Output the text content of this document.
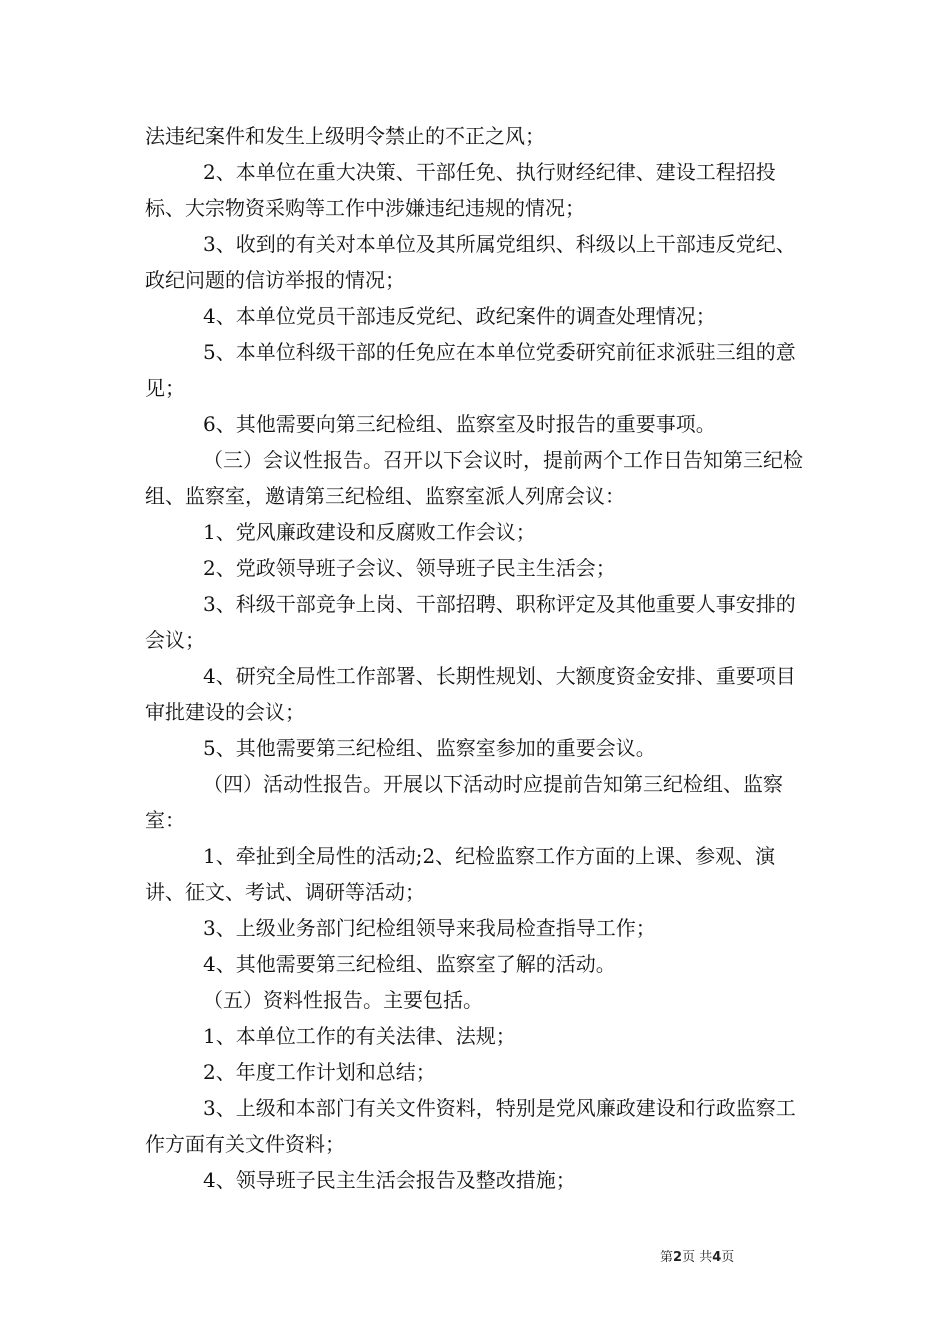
法违纪案件和发生上级明令禁止的不正之风；

2、本单位在重大决策、干部任免、执行财经纪律、建设工程招投标、大宗物资采购等工作中涉嫌违纪违规的情况；

3、收到的有关对本单位及其所属党组织、科级以上干部违反党纪、政纪问题的信访举报的情况；

4、本单位党员干部违反党纪、政纪案件的调查处理情况；

5、本单位科级干部的任免应在本单位党委研究前征求派驻三组的意见；

6、其他需要向第三纪检组、监察室及时报告的重要事项。

（三）会议性报告。召开以下会议时，提前两个工作日告知第三纪检组、监察室，邀请第三纪检组、监察室派人列席会议：

1、党风廉政建设和反腐败工作会议；

2、党政领导班子会议、领导班子民主生活会；

3、科级干部竞争上岗、干部招聘、职称评定及其他重要人事安排的会议；

4、研究全局性工作部署、长期性规划、大额度资金安排、重要项目审批建设的会议；

5、其他需要第三纪检组、监察室参加的重要会议。

（四）活动性报告。开展以下活动时应提前告知第三纪检组、监察室：

1、牵扯到全局性的活动;2、纪检监察工作方面的上课、参观、演讲、征文、考试、调研等活动；

3、上级业务部门纪检组领导来我局检查指导工作；

4、其他需要第三纪检组、监察室了解的活动。

（五）资料性报告。主要包括。

1、本单位工作的有关法律、法规；

2、年度工作计划和总结；

3、上级和本部门有关文件资料，特别是党风廉政建设和行政监察工作方面有关文件资料；

4、领导班子民主生活会报告及整改措施；

第2页 共4页
